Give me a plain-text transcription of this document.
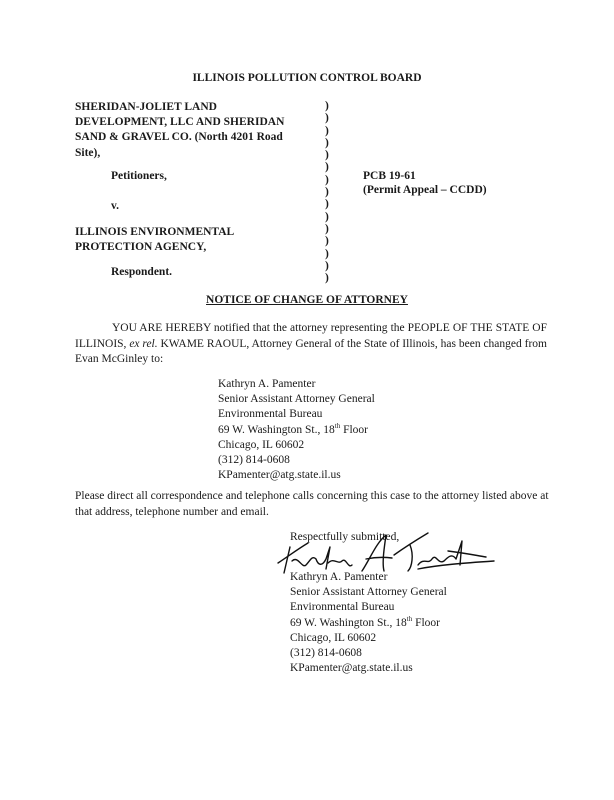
ILLINOIS POLLUTION CONTROL BOARD
SHERIDAN-JOLIET LAND
DEVELOPMENT, LLC AND SHERIDAN
SAND & GRAVEL CO. (North 4201 Road
Site),
Petitioners,
v.
ILLINOIS ENVIRONMENTAL
PROTECTION AGENCY,
Respondent.
)
)
)
)
)
)
)
)
)
)
)
)
)
)
)
PCB 19-61
(Permit Appeal – CCDD)
NOTICE OF CHANGE OF ATTORNEY
YOU ARE HEREBY notified that the attorney representing the PEOPLE OF THE STATE OF ILLINOIS, ex rel. KWAME RAOUL, Attorney General of the State of Illinois, has been changed from Evan McGinley to:
Kathryn A. Pamenter
Senior Assistant Attorney General
Environmental Bureau
69 W. Washington St., 18th Floor
Chicago, IL 60602
(312) 814-0608
KPamenter@atg.state.il.us
Please direct all correspondence and telephone calls concerning this case to the attorney listed above at that address, telephone number and email.
Respectfully submitted,
Kathryn A. Pamenter
Senior Assistant Attorney General
Environmental Bureau
69 W. Washington St., 18th Floor
Chicago, IL 60602
(312) 814-0608
KPamenter@atg.state.il.us
